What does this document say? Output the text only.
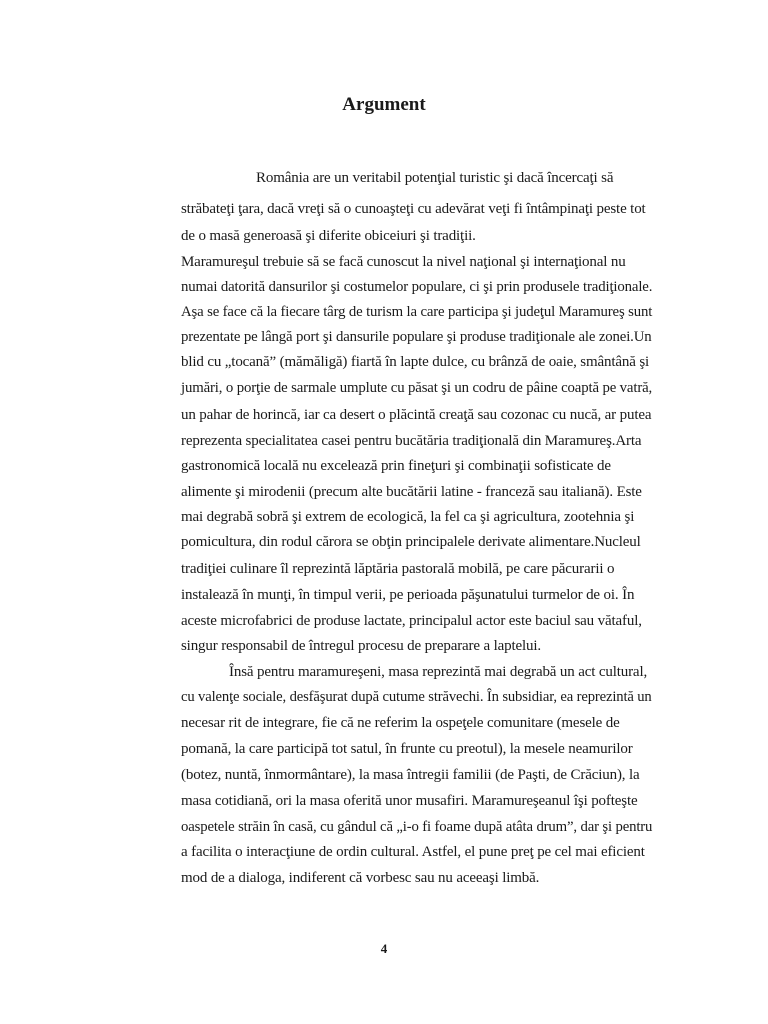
Argument
România are un veritabil potenţial turistic şi dacă încercaţi să
străbateţi ţara, dacă vreţi să o cunoaşteţi cu adevărat veţi fi întâmpinaţi peste tot
de o masă generoasă şi diferite obiceiuri şi tradiţii.
Maramureşul trebuie să se facă cunoscut la nivel naţional şi internaţional nu
numai datorită dansurilor şi costumelor populare, ci şi prin produsele tradiţionale.
Aşa se face că la fiecare târg de turism la care participa şi judeţul Maramureş sunt
prezentate pe lângă port şi dansurile populare şi produse tradiţionale ale zonei.Un
blid cu „tocană” (mămăligă) fiartă în lapte dulce, cu brânză de oaie, smântână şi
jumări, o porţie de sarmale umplute cu păsat şi un codru de pâine coaptă pe vatră,
un pahar de horincă, iar ca desert o plăcintă creaţă sau cozonac cu nucă, ar putea
reprezenta specialitatea casei pentru bucătăria tradiţională din Maramureş.Arta
gastronomică locală nu excelează prin fineţuri şi combinaţii sofisticate de
alimente şi mirodenii (precum alte bucătării latine - franceză sau italiană). Este
mai degrabă sobră şi extrem de ecologică, la fel ca şi agricultura, zootehnia şi
pomicultura, din rodul cărora se obţin principalele derivate alimentare.Nucleul
tradiţiei culinare îl reprezintă lăptăria pastorală mobilă, pe care păcurarii o
instalează în munţi, în timpul verii, pe perioada păşunatului turmelor de oi. În
aceste microfabrici de produse lactate, principalul actor este baciul sau vătaful,
singur responsabil de întregul procesu de preparare a laptelui.
Însă pentru maramureşeni, masa reprezintă mai degrabă un act cultural,
cu valenţe sociale, desfăşurat după cutume străvechi. În subsidiar, ea reprezintă un
necesar rit de integrare, fie că ne referim la ospeţele comunitare (mesele de
pomană, la care participă tot satul, în frunte cu preotul), la mesele neamurilor
(botez, nuntă, înmormântare), la masa întregii familii (de Paşti, de Crăciun), la
masa cotidiană, ori la masa oferită unor musafiri. Maramureşeanul îşi pofteşte
oaspetele străin în casă, cu gândul că „i-o fi foame după atâta drum”, dar şi pentru
a facilita o interacţiune de ordin cultural. Astfel, el pune preţ pe cel mai eficient
mod de a dialoga, indiferent că vorbesc sau nu aceeaşi limbă.
4
